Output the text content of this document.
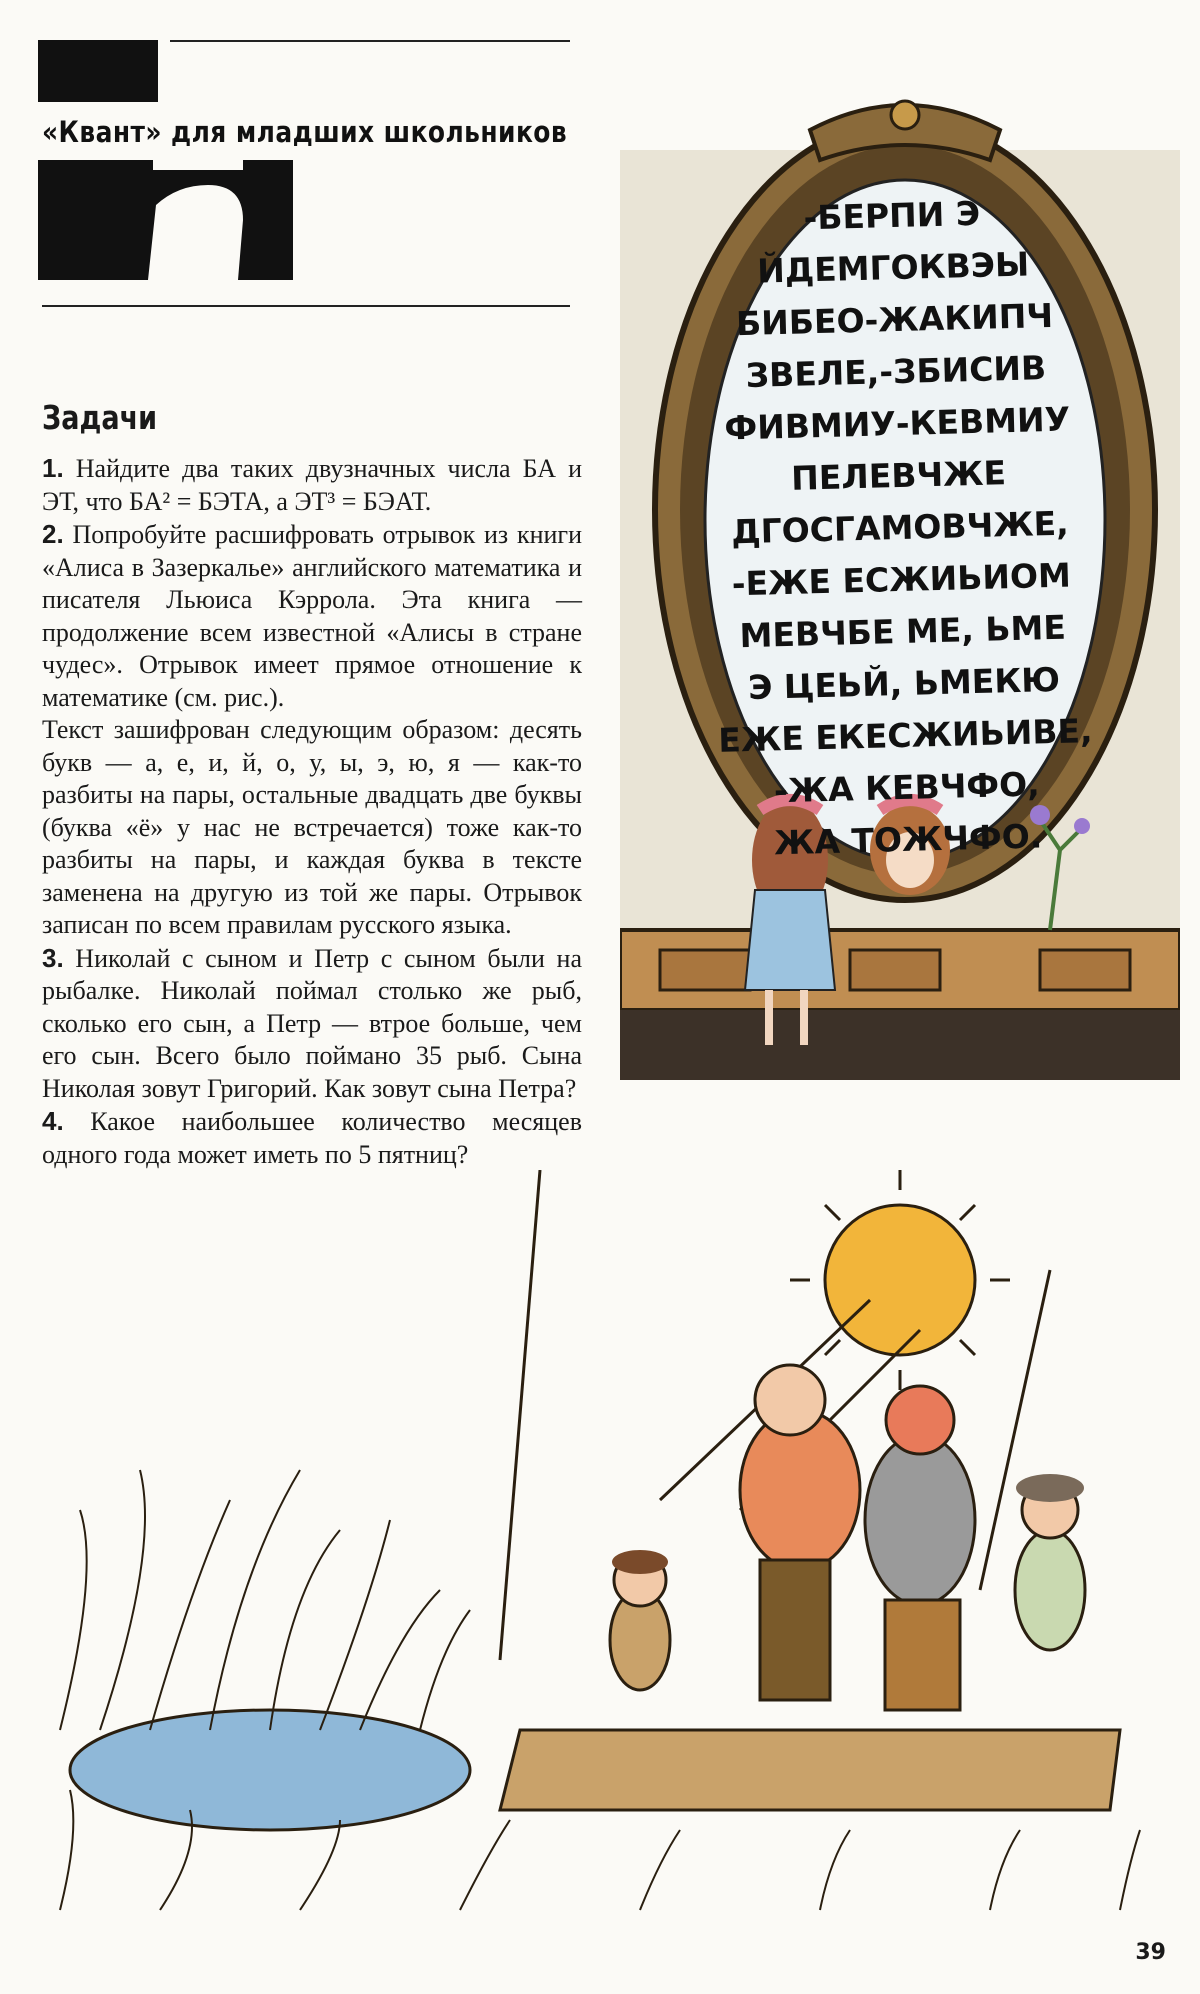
«Квант» для младших школьников
Задачи

1. Найдите два таких двузначных числа БА и ЭТ, что БА² = БЭТА, а ЭТ³ = БЭАТ.

2. Попробуйте расшифровать отрывок из книги «Алиса в Зазеркалье» английского математика и писателя Льюиса Кэррола. Эта книга — продолжение всем известной «Алисы в стране чудес». Отрывок имеет прямое отношение к математике (см. рис.).

Текст зашифрован следующим образом: десять букв — а, е, и, й, о, у, ы, э, ю, я — как-то разбиты на пары, остальные двадцать две буквы (буква «ё» у нас не встречается) тоже как-то разбиты на пары, и каждая буква в тексте заменена на другую из той же пары. Отрывок записан по всем правилам русского языка.

3. Николай с сыном и Петр с сыном были на рыбалке. Николай поймал столько же рыб, сколько его сын, а Петр — втрое больше, чем его сын. Всего было поймано 35 рыб. Сына Николая зовут Григорий. Как зовут сына Петра?

4. Какое наибольшее количество месяцев одного года может иметь по 5 пятниц?

-БЕРПИ Э
ЙДЕМГОКВЭЫ
БИБЕО-ЖАКИПЧ
ЗВЕЛЕ,-ЗБИСИВ
ФИВМИУ-КЕВМИУ
ПЕЛЕВЧЖЕ
ДГОСГАМОВЧЖЕ,
-ЕЖЕ ЕСЖИЬИОМ
МЕВЧБЕ МЕ, ЬМЕ
Э ЦЕЬЙ, ЬМЕКЮ
ЕЖЕ ЕКЕСЖИЬИВЕ,
-ЖА КЕВЧФО,
ЖА ТОЖЧФО.
39
